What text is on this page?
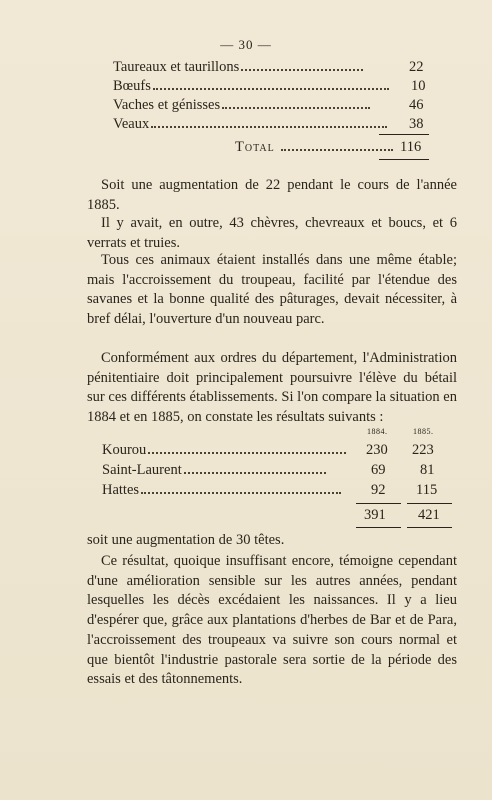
— 30 —
Taureaux et taurillons	22
Bœufs	10
Vaches et génisses	46
Veaux	38
Total	116

Soit une augmentation de 22 pendant le cours de l'année 1885.

Il y avait, en outre, 43 chèvres, chevreaux et boucs, et 6 verrats et truies.

Tous ces animaux étaient installés dans une même étable; mais l'accroissement du troupeau, facilité par l'étendue des savanes et la bonne qualité des pâturages, devait nécessiter, à bref délai, l'ouverture d'un nouveau parc.

Conformément aux ordres du département, l'Administration pénitentiaire doit principalement poursuivre l'élève du bétail sur ces différents établissements. Si l'on compare la situation en 1884 et en 1885, on constate les résultats suivants :

1884.	1885.
Kourou	230 223
Saint-Laurent	69 81
Hattes	92 115
391 421

soit une augmentation de 30 têtes.

Ce résultat, quoique insuffisant encore, témoigne cependant d'une amélioration sensible sur les autres années, pendant lesquelles les décès excédaient les naissances. Il y a lieu d'espérer que, grâce aux plantations d'herbes de Bar et de Para, l'accroissement des troupeaux va suivre son cours normal et que bientôt l'industrie pastorale sera sortie de la période des essais et des tâtonnements.
